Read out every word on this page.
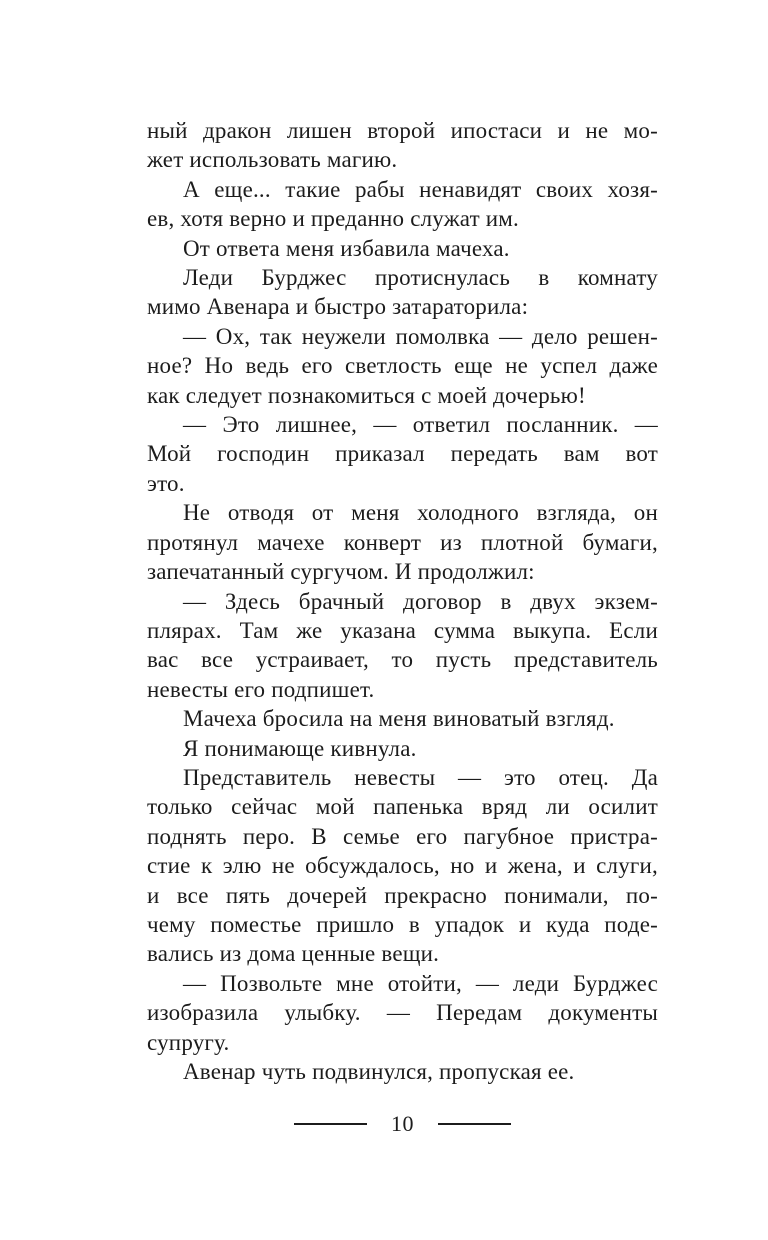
ный дракон лишен второй ипостаси и не мо-
жет использовать магию.
А еще... такие рабы ненавидят своих хозя-
ев, хотя верно и преданно служат им.
От ответа меня избавила мачеха.
Леди Бурджес протиснулась в комнату
мимо Авенара и быстро затараторила:
— Ох, так неужели помолвка — дело решен-
ное? Но ведь его светлость еще не успел даже
как следует познакомиться с моей дочерью!
— Это лишнее, — ответил посланник. —
Мой господин приказал передать вам вот
это.
Не отводя от меня холодного взгляда, он
протянул мачехе конверт из плотной бумаги,
запечатанный сургучом. И продолжил:
— Здесь брачный договор в двух экзем-
плярах. Там же указана сумма выкупа. Если
вас все устраивает, то пусть представитель
невесты его подпишет.
Мачеха бросила на меня виноватый взгляд.
Я понимающе кивнула.
Представитель невесты — это отец. Да
только сейчас мой папенька вряд ли осилит
поднять перо. В семье его пагубное пристра-
стие к элю не обсуждалось, но и жена, и слуги,
и все пять дочерей прекрасно понимали, по-
чему поместье пришло в упадок и куда поде-
вались из дома ценные вещи.
— Позвольте мне отойти, — леди Бурджес
изобразила улыбку. — Передам документы
супругу.
Авенар чуть подвинулся, пропуская ее.
10
